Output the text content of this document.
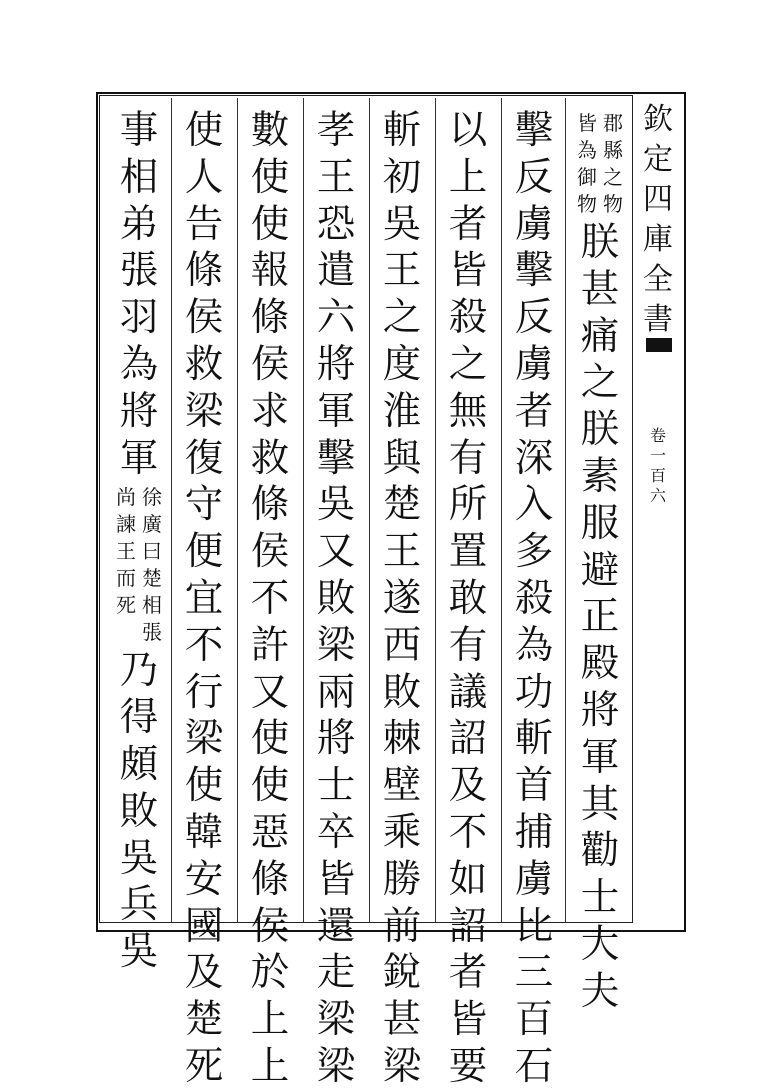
欽
定
四
庫
全
書
卷
一
百
六
郡
縣
之
物
皆
為
御
物
朕
甚
痛
之
朕
素
服
避
正
殿
將
軍
其
勸
士
大
夫
擊
反
虜
擊
反
虜
者
深
入
多
殺
為
功
斬
首
捕
虜
比
三
百
石
以
上
者
皆
殺
之
無
有
所
置
敢
有
議
詔
及
不
如
詔
者
皆
要
斬
初
吳
王
之
度
淮
與
楚
王
遂
西
敗
棘
壁
乘
勝
前
銳
甚
梁
孝
王
恐
遣
六
將
軍
擊
吳
又
敗
梁
兩
將
士
卒
皆
還
走
梁
梁
數
使
使
報
條
侯
求
救
條
侯
不
許
又
使
使
惡
條
侯
於
上
上
使
人
告
條
侯
救
梁
復
守
便
宜
不
行
梁
使
韓
安
國
及
楚
死
事
相
弟
張
羽
為
將
軍
徐
廣
曰
楚
相
張
尚
諫
王
而
死
乃
得
頗
敗
吳
兵
吳
